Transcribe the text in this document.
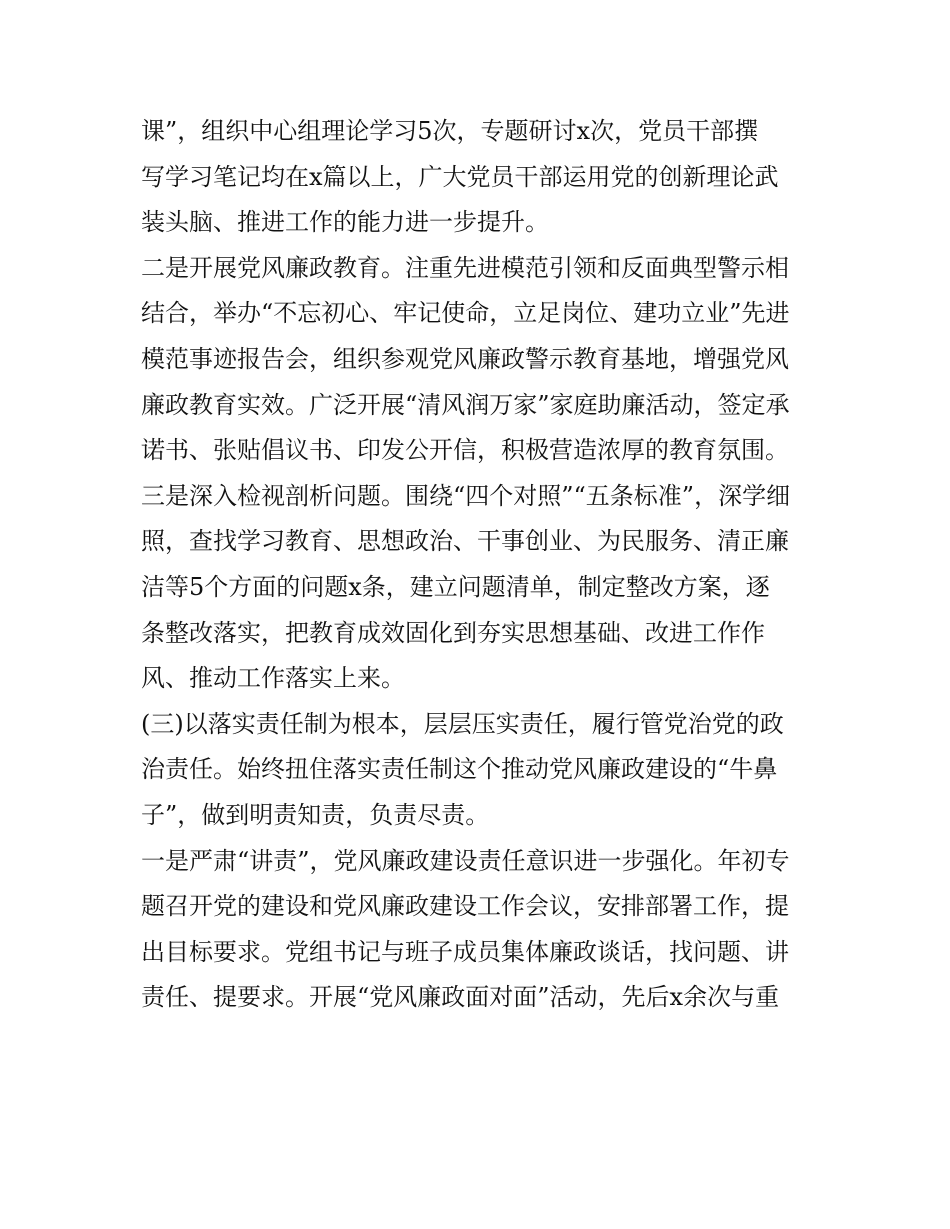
课”，组织中心组理论学习5次，专题研讨x次，党员干部撰
写学习笔记均在x篇以上，广大党员干部运用党的创新理论武
装头脑、推进工作的能力进一步提升。
二是开展党风廉政教育。注重先进模范引领和反面典型警示相
结合，举办“不忘初心、牢记使命，立足岗位、建功立业”先进
模范事迹报告会，组织参观党风廉政警示教育基地，增强党风
廉政教育实效。广泛开展“清风润万家”家庭助廉活动，签定承
诺书、张贴倡议书、印发公开信，积极营造浓厚的教育氛围。
三是深入检视剖析问题。围绕“四个对照”“五条标准”，深学细
照，查找学习教育、思想政治、干事创业、为民服务、清正廉
洁等5个方面的问题x条，建立问题清单，制定整改方案，逐
条整改落实，把教育成效固化到夯实思想基础、改进工作作
风、推动工作落实上来。
(三)以落实责任制为根本，层层压实责任，履行管党治党的政
治责任。始终扭住落实责任制这个推动党风廉政建设的“牛鼻
子”，做到明责知责，负责尽责。
一是严肃“讲责”，党风廉政建设责任意识进一步强化。年初专
题召开党的建设和党风廉政建设工作会议，安排部署工作，提
出目标要求。党组书记与班子成员集体廉政谈话，找问题、讲
责任、提要求。开展“党风廉政面对面”活动，先后x余次与重
